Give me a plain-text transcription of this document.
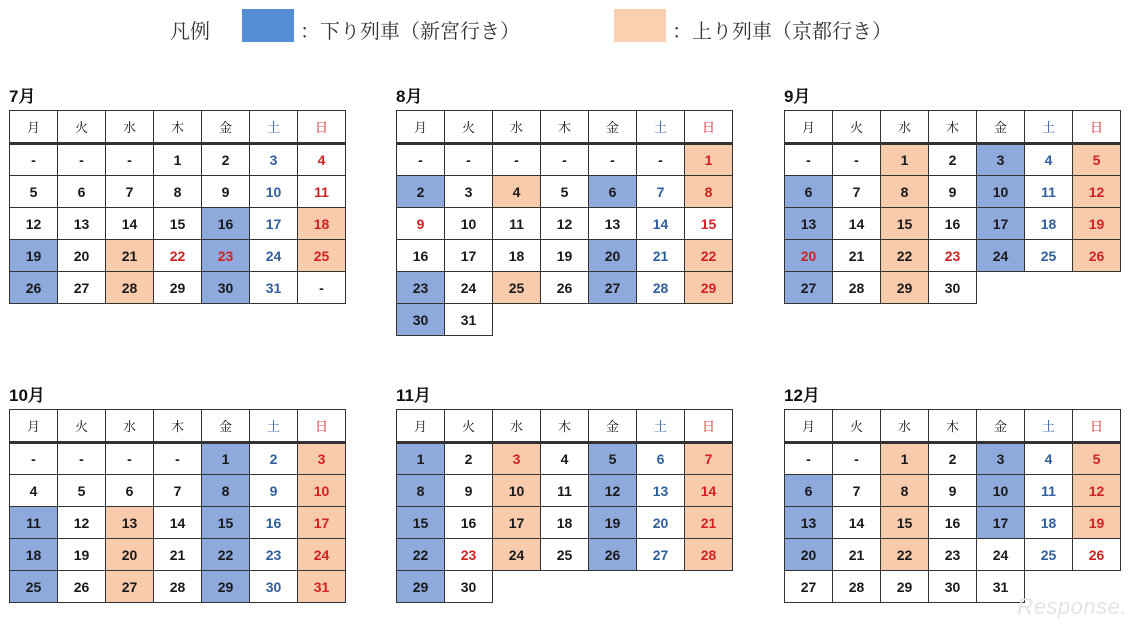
凡例	：下り列車（新宮行き）	：上り列車（京都行き）
7月
月	火	水	木	金	土	日
-	-	-	1	2	3	4
5	6	7	8	9	10	11
12	13	14	15	16	17	18
19	20	21	22	23	24	25
26	27	28	29	30	31	-
8月
月	火	水	木	金	土	日
-	-	-	-	-	-	1
2	3	4	5	6	7	8
9	10	11	12	13	14	15
16	17	18	19	20	21	22
23	24	25	26	27	28	29
30	31					
9月
月	火	水	木	金	土	日
-	-	1	2	3	4	5
6	7	8	9	10	11	12
13	14	15	16	17	18	19
20	21	22	23	24	25	26
27	28	29	30			
10月
月	火	水	木	金	土	日
-	-	-	-	1	2	3
4	5	6	7	8	9	10
11	12	13	14	15	16	17
18	19	20	21	22	23	24
25	26	27	28	29	30	31
11月
月	火	水	木	金	土	日
1	2	3	4	5	6	7
8	9	10	11	12	13	14
15	16	17	18	19	20	21
22	23	24	25	26	27	28
29	30					
12月
月	火	水	木	金	土	日
-	-	1	2	3	4	5
6	7	8	9	10	11	12
13	14	15	16	17	18	19
20	21	22	23	24	25	26
27	28	29	30	31		
Response.
